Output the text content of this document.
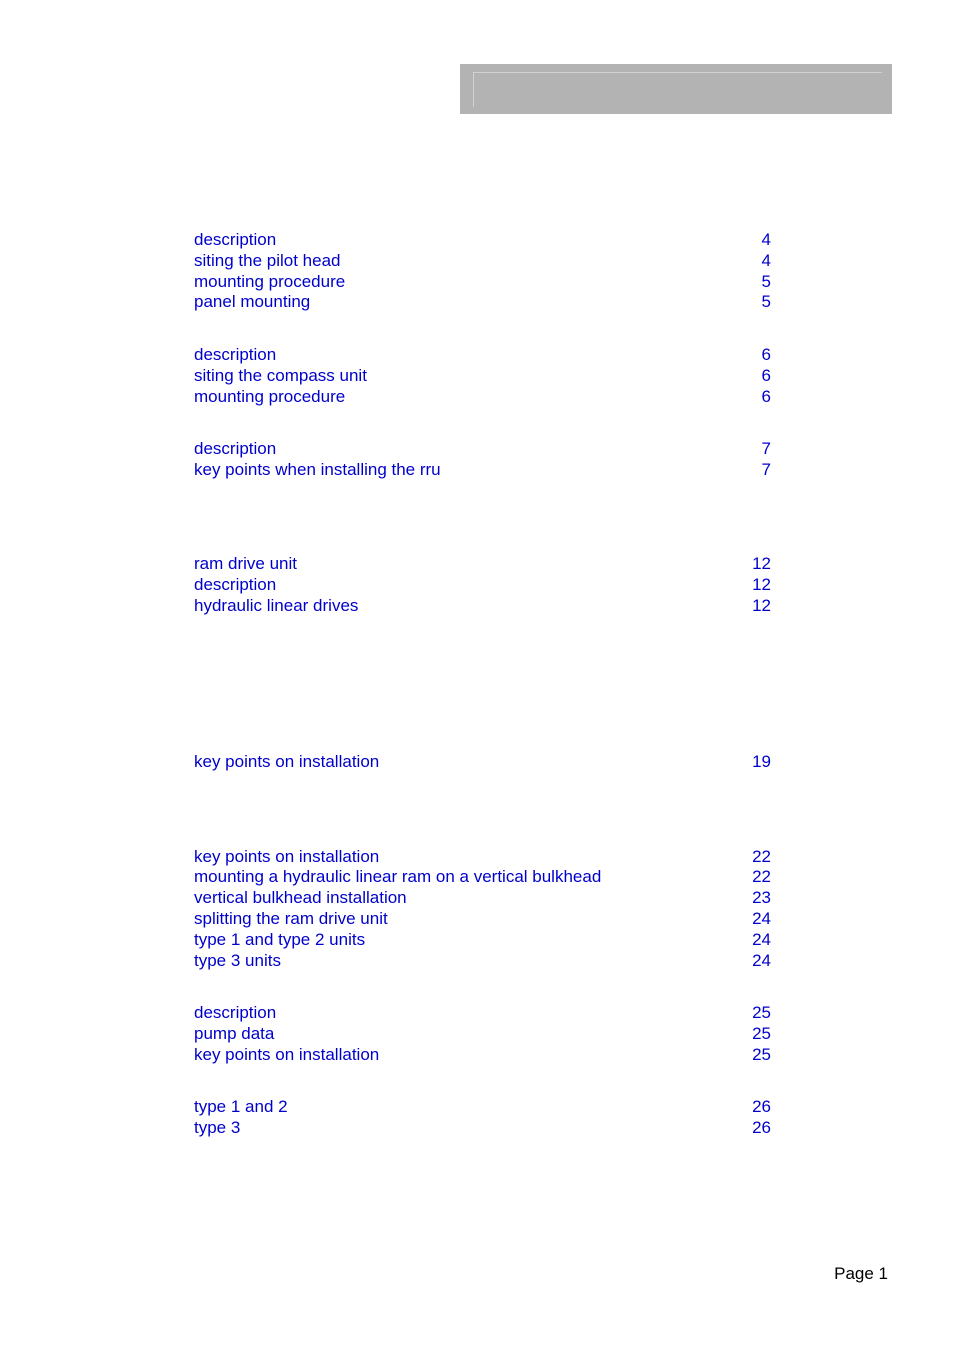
description	4
siting the pilot head	4
mounting procedure	5
panel mounting	5
description	6
siting the compass unit	6
mounting procedure	6
description	7
key points when installing the rru	7
ram drive unit	12
description	12
hydraulic linear drives	12
key points on installation	19
key points on installation	22
mounting a hydraulic linear ram on a vertical bulkhead	22
vertical bulkhead installation	23
splitting the ram drive unit	24
type 1 and type 2 units	24
type 3 units	24
description	25
pump data	25
key points on installation	25
type 1 and 2	26
type 3	26
Page 1
